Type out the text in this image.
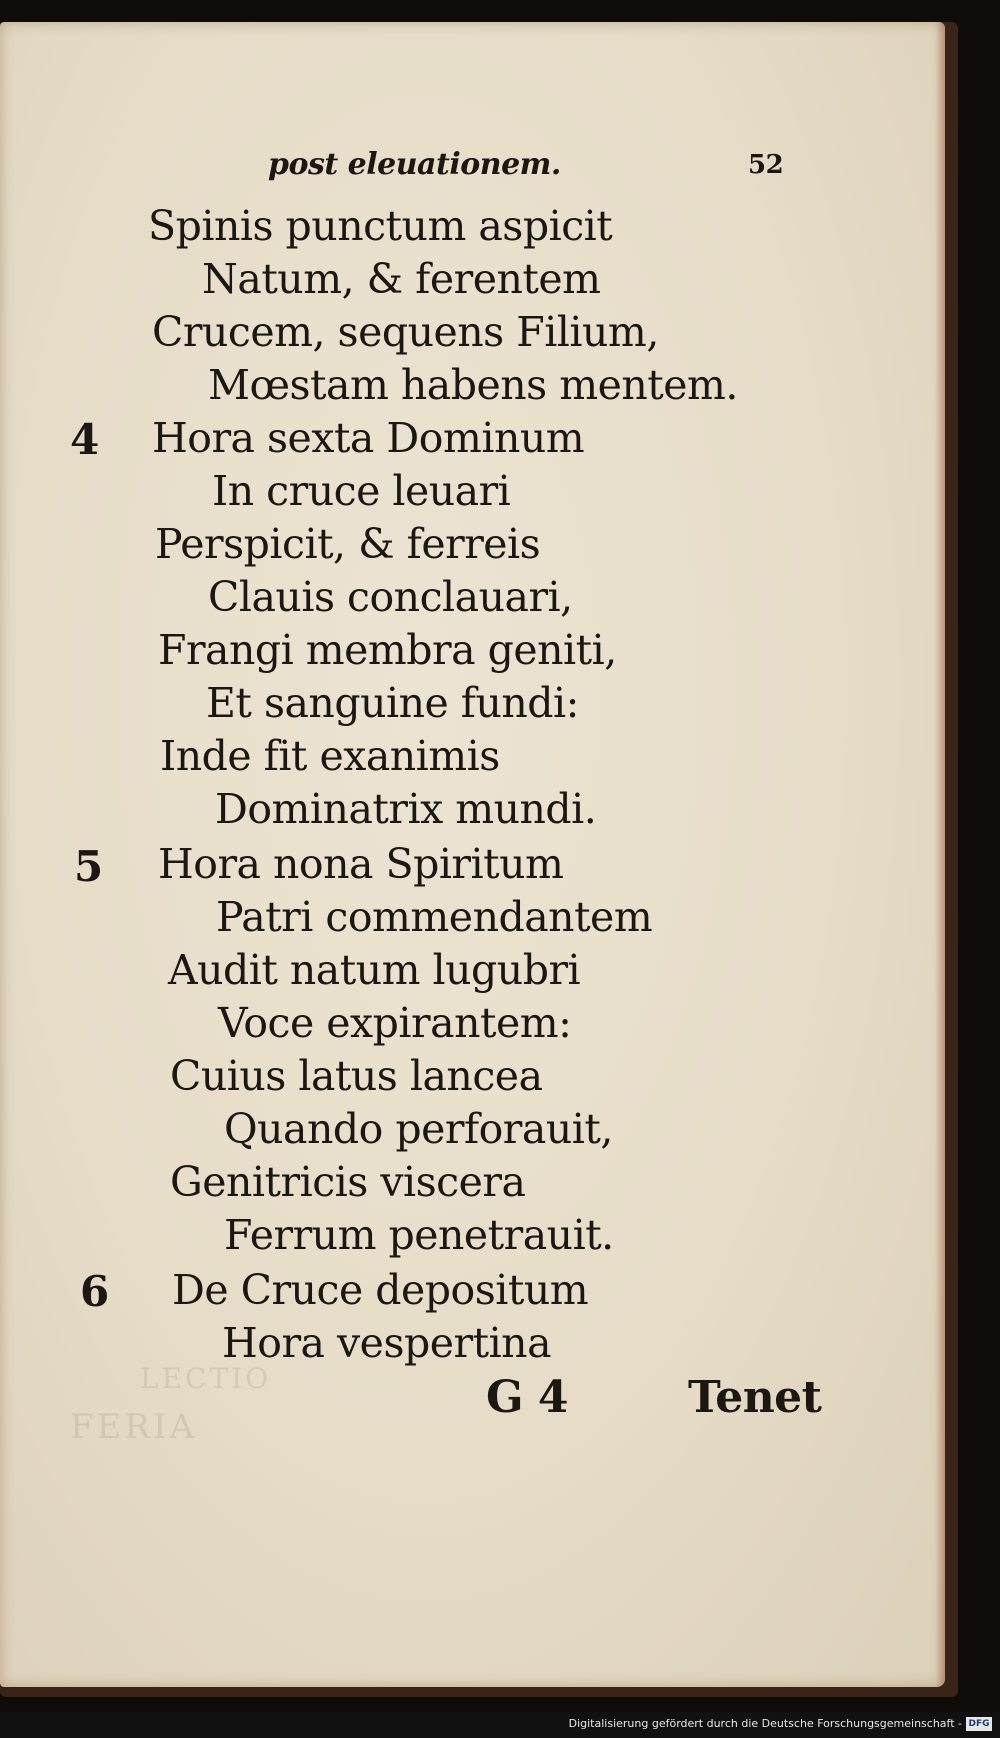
FERIA
LECTIO

post eleuationem.	52

Spinis punctum aspicit

Natum, & ferentem

Crucem, sequens Filium,

Mœstam habens mentem.

4 Hora sexta Dominum

In cruce leuari

Perspicit, & ferreis

Clauis conclauari,

Frangi membra geniti,

Et sanguine fundi:

Inde fit exanimis

Dominatrix mundi.

5 Hora nona Spiritum

Patri commendantem

Audit natum lugubri

Voce expirantem:

Cuius latus lancea

Quando perforauit,

Genitricis viscera

Ferrum penetrauit.

6 De Cruce depositum

Hora vespertina

G 4	Tenet

Digitalisierung gefördert durch die Deutsche Forschungsgemeinschaft - DFG
